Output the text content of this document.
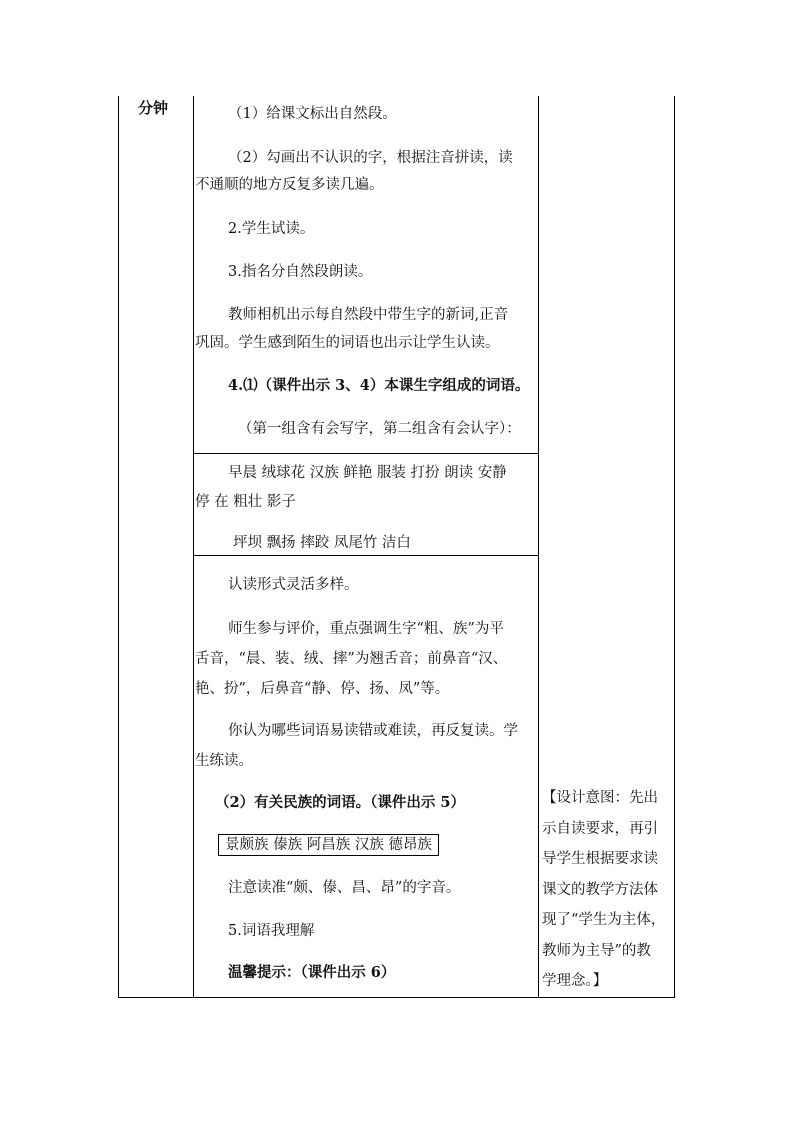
分钟	（1）给课文标出自然段。
（2）勾画出不认识的字，根据注音拼读，读
不通顺的地方反复多读几遍。
2.学生试读。
3.指名分自然段朗读。
教师相机出示每自然段中带生字的新词,正音
巩固。学生感到陌生的词语也出示让学生认读。
4.⑴（课件出示 3、4）本课生字组成的词语。
（第一组含有会写字，第二组含有会认字）：
早晨 绒球花 汉族 鲜艳 服装 打扮 朗读 安静
停 在 粗壮 影子
坪坝 飘扬 摔跤 凤尾竹 洁白
认读形式灵活多样。
师生参与评价，重点强调生字“粗、族”为平
舌音，“晨、装、绒、摔”为翘舌音；前鼻音“汉、
艳、扮”，后鼻音“静、停、扬、凤”等。
你认为哪些词语易读错或难读，再反复读。学
生练读。
（2）有关民族的词语。（课件出示 5）
景颇族 傣族 阿昌族 汉族 德昂族
注意读准“颇、傣、昌、昂”的字音。
5.词语我理解
温馨提示：（课件出示 6）
【设计意图：先出
示自读要求，再引
导学生根据要求读
课文的教学方法体
现了“学生为主体，
教师为主导”的教
学理念。】
